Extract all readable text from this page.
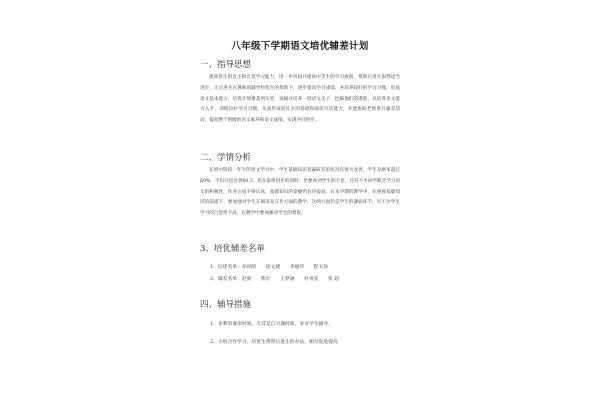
八年级下学期语文培优辅差计划
一、指导思想
提高优生的自主和自觉学习能力，进一步巩固并提高中等生的学习成绩，帮助后进生取得适当进步，让后进生在教师的辅导和优生的帮助下，逐步提高学习成绩，并培养较好的学习习惯，形成语文基本能力，培优计划要落到实处，发掘并培养一批语文尖子，挖掘他们的潜能，从培养语文能力入手，训练良好学习习惯，从而形成较扎实的基础和阅读写话能力，并能协助老师进行辅差活动，提高整个班级的语文素养和语文成绩，实现共同进步。
二、学情分析
在初中阶段一年半的语文学习中，学生基础知识普遍较差的状况有很大改善，学生及格率超过60%，平均分也达到60.3，但在取得进步的同时，仍要看到学生的不足，还有不少同学缺乏学习语文的积极性，作业完成不够认真，基础知识的掌握仍有待提高，在本学期的教学中，在重视基础知识的前提下，要加强对学生在阅读及写作方面的教学，这两方面仍是学生的薄弱环节，另不少学生学习的自觉性不高，在教学中要加强对学生的督促。
3、培优辅差名单
1、培优名单：孙问昭 徐文捷 李丽华 程玉珍
2、辅差名单：赵豪 熊宏 王梦涵 杜青弦 张 超
四、辅导措施
1、多利用课余时间，尤其是自习课时间，多对学生辅导。
2、小组合作学习，培优生帮带后进生的办法，相互促进提高
